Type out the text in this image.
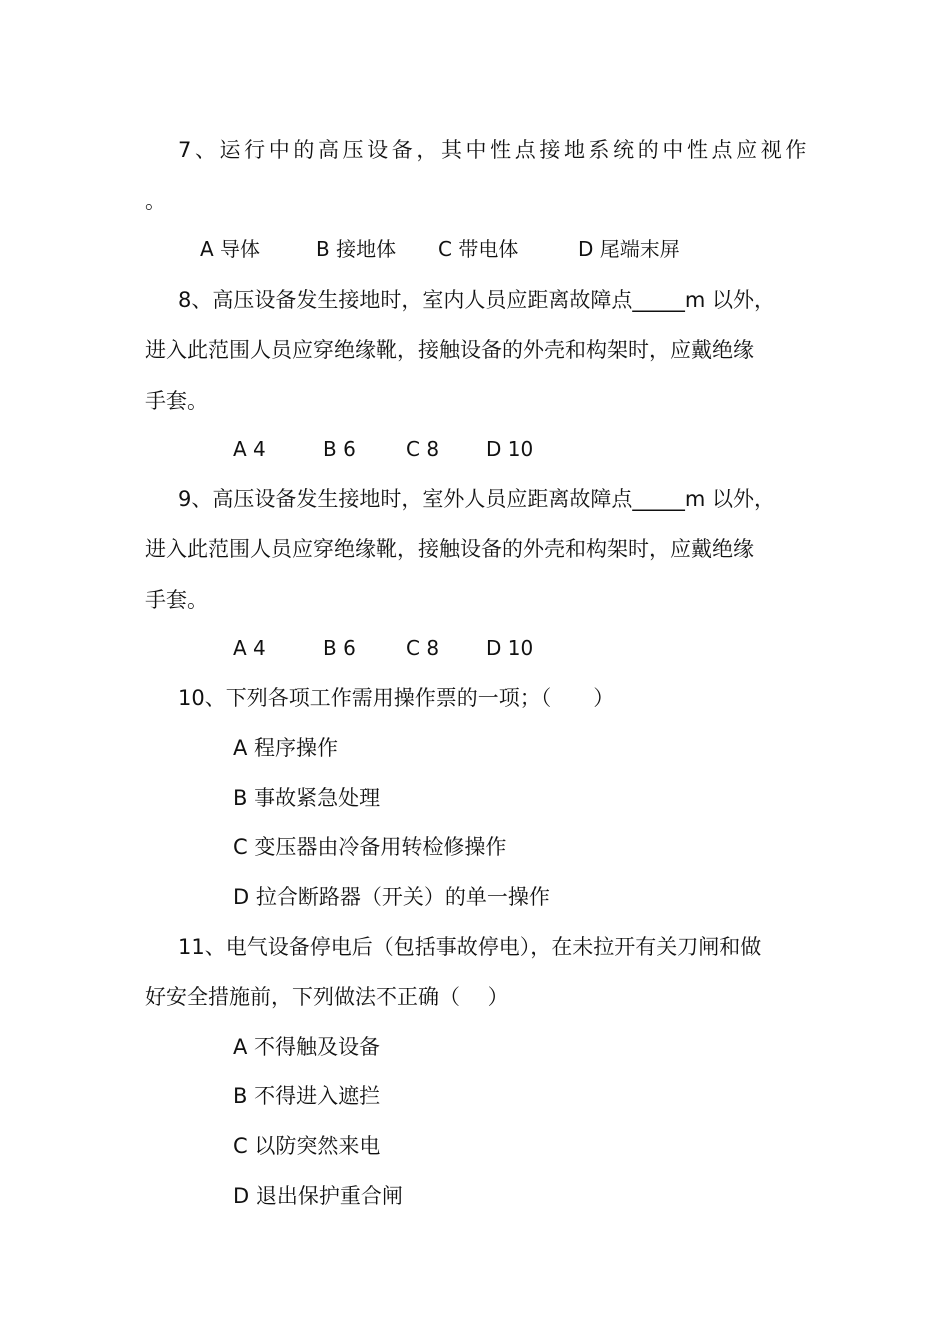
7、运行中的高压设备，其中性点接地系统的中性点应视作
。
A 导体	B 接地体 C 带电体	D 尾端末屏
8、高压设备发生接地时，室内人员应距离故障点_____m 以外，
进入此范围人员应穿绝缘靴，接触设备的外壳和构架时，应戴绝缘
手套。
A 4	B 6	C 8 D 10
9、高压设备发生接地时，室外人员应距离故障点_____m 以外，
进入此范围人员应穿绝缘靴，接触设备的外壳和构架时，应戴绝缘
手套。
A 4	B 6	C 8 D 10
10、下列各项工作需用操作票的一项；（　　）
A 程序操作
B 事故紧急处理
C 变压器由冷备用转检修操作
D 拉合断路器（开关）的单一操作
11、电气设备停电后（包括事故停电），在未拉开有关刀闸和做
好安全措施前，下列做法不正确（　 ）
A 不得触及设备
B 不得进入遮拦
C 以防突然来电
D 退出保护重合闸
